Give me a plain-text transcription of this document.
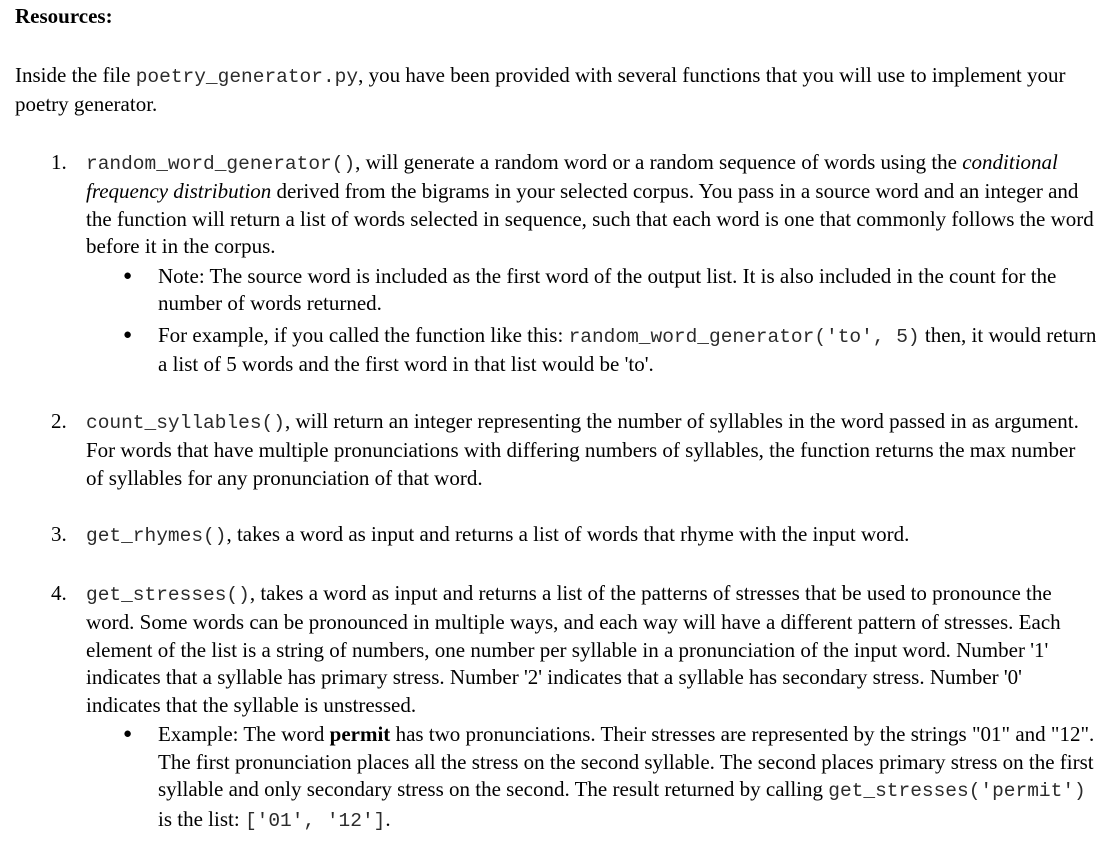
Resources:

Inside the file poetry_generator.py, you have been provided with several functions that you will use to implement your poetry generator.

1. random_word_generator(), will generate a random word or a random sequence of words using the conditional frequency distribution derived from the bigrams in your selected corpus. You pass in a source word and an integer and the function will return a list of words selected in sequence, such that each word is one that commonly follows the word before it in the corpus.
● Note: The source word is included as the first word of the output list. It is also included in the count for the number of words returned.
● For example, if you called the function like this: random_word_generator('to', 5) then, it would return a list of 5 words and the first word in that list would be 'to'.
2. count_syllables(), will return an integer representing the number of syllables in the word passed in as argument. For words that have multiple pronunciations with differing numbers of syllables, the function returns the max number of syllables for any pronunciation of that word.
3. get_rhymes(), takes a word as input and returns a list of words that rhyme with the input word.
4. get_stresses(), takes a word as input and returns a list of the patterns of stresses that be used to pronounce the word. Some words can be pronounced in multiple ways, and each way will have a different pattern of stresses. Each element of the list is a string of numbers, one number per syllable in a pronunciation of the input word. Number '1' indicates that a syllable has primary stress. Number '2' indicates that a syllable has secondary stress. Number '0' indicates that the syllable is unstressed.
● Example: The word permit has two pronunciations. Their stresses are represented by the strings "01" and "12". The first pronunciation places all the stress on the second syllable. The second places primary stress on the first syllable and only secondary stress on the second. The result returned by calling get_stresses('permit') is the list: ['01', '12'].
